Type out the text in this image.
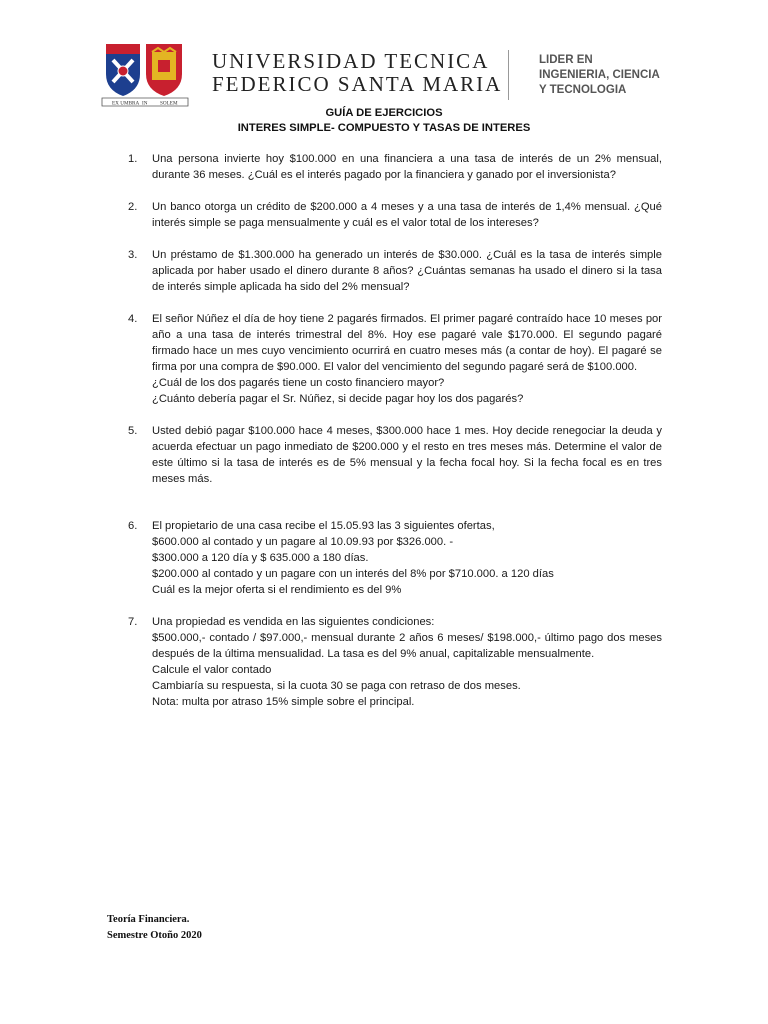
EX UMBRA IN SOLEM
UNIVERSIDAD TECNICA
FEDERICO SANTA MARIA
LIDER EN
INGENIERIA, CIENCIA
Y TECNOLOGIA
GUÍA DE EJERCICIOS
INTERES SIMPLE- COMPUESTO Y TASAS DE INTERES
1. Una persona invierte hoy $100.000 en una financiera a una tasa de interés de un 2% mensual, durante 36 meses. ¿Cuál es el interés pagado por la financiera y ganado por el inversionista?

2. Un banco otorga un crédito de $200.000 a 4 meses y a una tasa de interés de 1,4% mensual. ¿Qué interés simple se paga mensualmente y cuál es el valor total de los intereses?

3. Un préstamo de $1.300.000 ha generado un interés de $30.000. ¿Cuál es la tasa de interés simple aplicada por haber usado el dinero durante 8 años? ¿Cuántas semanas ha usado el dinero si la tasa de interés simple aplicada ha sido del 2% mensual?

4. El señor Núñez el día de hoy tiene 2 pagarés firmados. El primer pagaré contraído hace 10 meses por año a una tasa de interés trimestral del 8%. Hoy ese pagaré vale $170.000. El segundo pagaré firmado hace un mes cuyo vencimiento ocurrirá en cuatro meses más (a contar de hoy). El pagaré se firma por una compra de $90.000. El valor del vencimiento del segundo pagaré será de $100.000.

¿Cuál de los dos pagarés tiene un costo financiero mayor?

¿Cuánto debería pagar el Sr. Núñez, si decide pagar hoy los dos pagarés?

5. Usted debió pagar $100.000 hace 4 meses, $300.000 hace 1 mes. Hoy decide renegociar la deuda y acuerda efectuar un pago inmediato de $200.000 y el resto en tres meses más. Determine el valor de este último si la tasa de interés es de 5% mensual y la fecha focal hoy. Si la fecha focal es en tres meses más.

6. El propietario de una casa recibe el 15.05.93 las 3 siguientes ofertas,

$600.000 al contado y un pagare al 10.09.93 por $326.000. -

$300.000 a 120 día y $ 635.000 a 180 días.

$200.000 al contado y un pagare con un interés del 8% por $710.000. a 120 días

Cuál es la mejor oferta si el rendimiento es del 9%

7. Una propiedad es vendida en las siguientes condiciones:

$500.000,- contado / $97.000,- mensual durante 2 años 6 meses/ $198.000,- último pago dos meses después de la última mensualidad. La tasa es del 9% anual, capitalizable mensualmente.

Calcule el valor contado

Cambiaría su respuesta, si la cuota 30 se paga con retraso de dos meses.

Nota: multa por atraso 15% simple sobre el principal.

Teoría Financiera.
Semestre Otoño 2020
